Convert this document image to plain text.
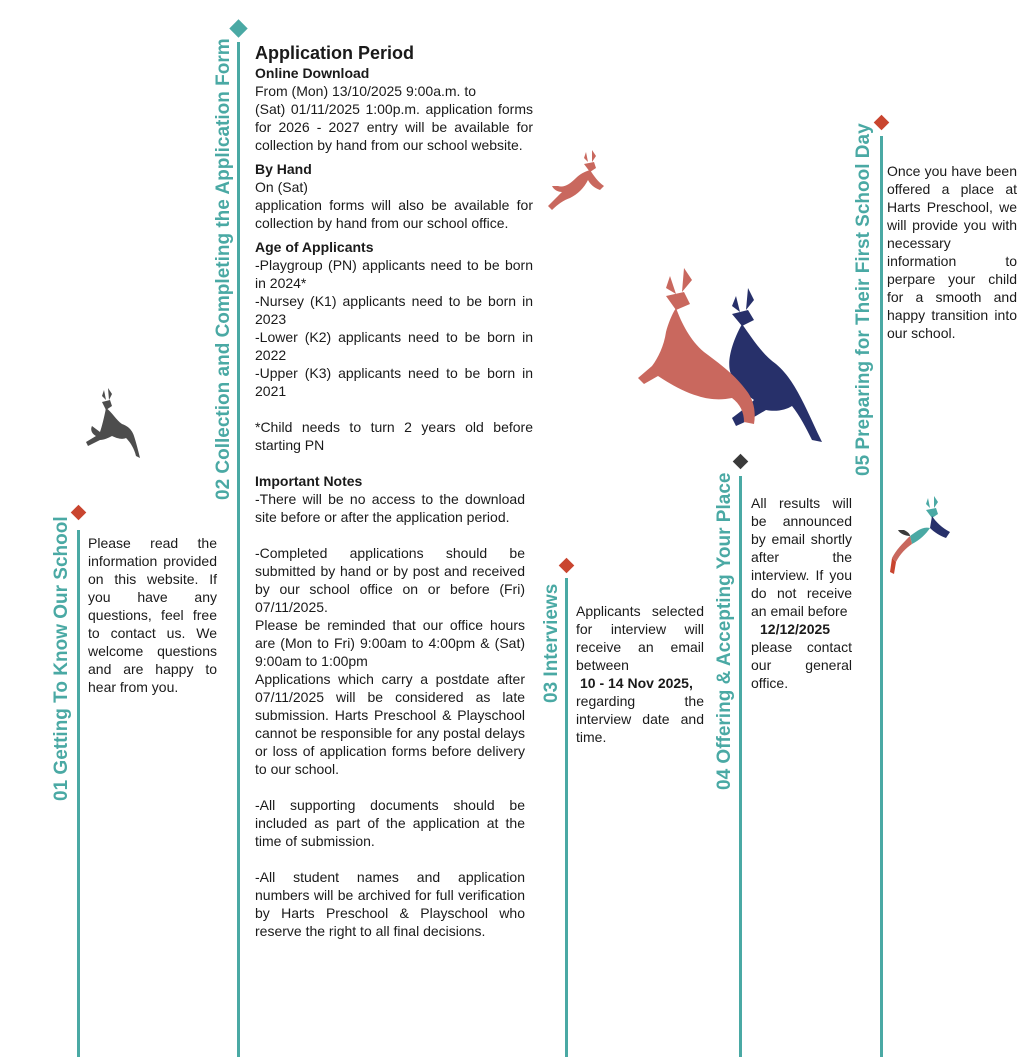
01 Getting To Know Our School
02 Collection and Completing the Application Form
03 Interviews	04 Offering & Accepting Your Place
05 Preparing for Their First School Day
Please read the information provided on this website. If you have any questions, feel free to contact us. We welcome questions and are happy to hear from you.

Application Period

Online Download

From (Mon) 13/10/2025 9:00a.m. to

(Sat) 01/11/2025 1:00p.m. application forms for 2026 - 2027 entry will be available for collection by hand from our school website.

By Hand

On (Sat)

application forms will also be available for collection by hand from our school office.

Age of Applicants

-Playgroup (PN) applicants need to be born in 2024*

-Nursey (K1) applicants need to be born in 2023

-Lower (K2) applicants need to be born in 2022

-Upper (K3) applicants need to be born in 2021

*Child needs to turn 2 years old before starting PN

Important Notes

-There will be no access to the download site before or after the application period.

-Completed applications should be submitted by hand or by post and received by our school office on or before (Fri) 07/11/2025.

Please be reminded that our office hours are (Mon to Fri) 9:00am to 4:00pm & (Sat) 9:00am to 1:00pm

Applications which carry a postdate after 07/11/2025 will be considered as late submission. Harts Preschool & Playschool cannot be responsible for any postal delays or loss of application forms before delivery to our school.

-All supporting documents should be included as part of the application at the time of submission.

-All student names and application numbers will be archived for full verification by Harts Preschool & Playschool who reserve the right to all final decisions.

Applicants selected for interview will receive an email between

10 - 14 Nov 2025,

regarding the interview date and time.

All results will be announced by email shortly after the interview. If you do not receive an email before

12/12/2025

please contact our general office.

Once you have been offered a place at Harts Preschool, we will provide you with necessary information to perpare your child for a smooth and happy transition into our school.
